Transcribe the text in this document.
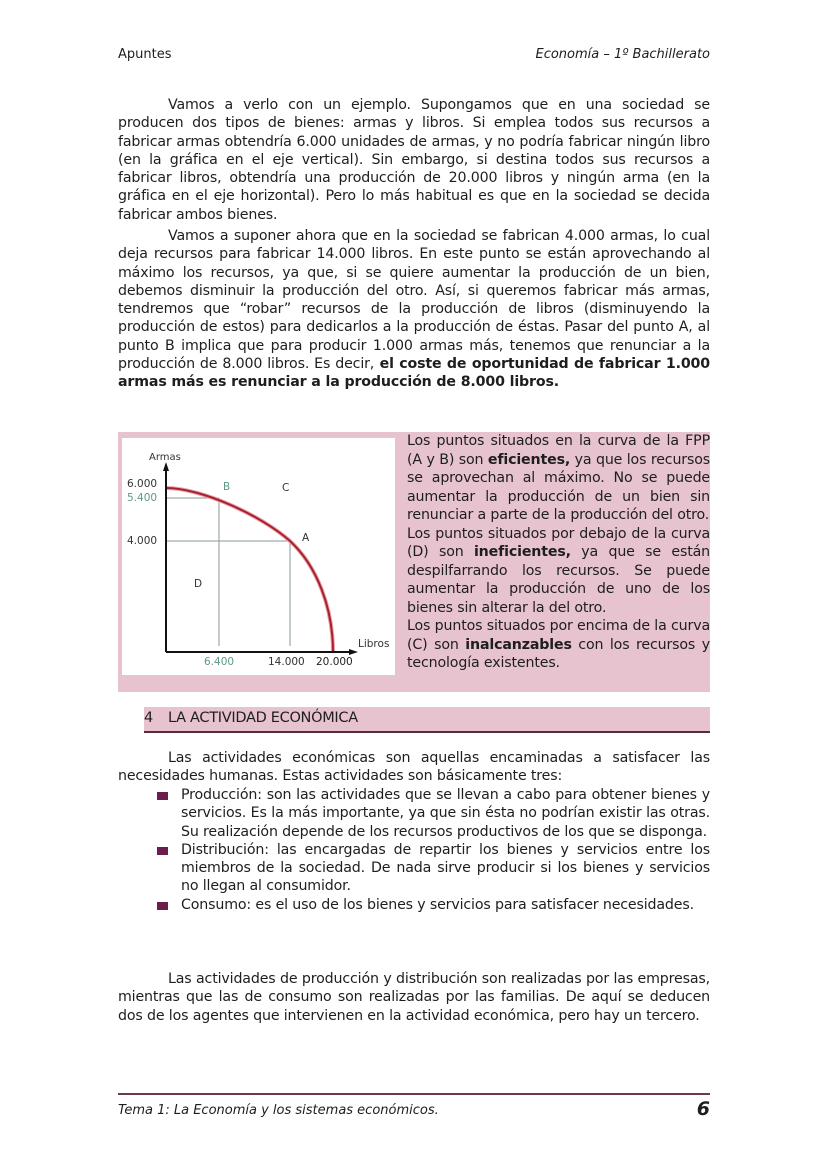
Apuntes	Economía – 1º Bachillerato

Vamos a verlo con un ejemplo. Supongamos que en una sociedad se producen dos tipos de bienes: armas y libros. Si emplea todos sus recursos a fabricar armas obtendría 6.000 unidades de armas, y no podría fabricar ningún libro (en la gráfica en el eje vertical). Sin embargo, si destina todos sus recursos a fabricar libros, obtendría una producción de 20.000 libros y ningún arma (en la gráfica en el eje horizontal). Pero lo más habitual es que en la sociedad se decida fabricar ambos bienes.

Vamos a suponer ahora que en la sociedad se fabrican 4.000 armas, lo cual deja recursos para fabricar 14.000 libros. En este punto se están aprovechando al máximo los recursos, ya que, si se quiere aumentar la producción de un bien, debemos disminuir la producción del otro. Así, si queremos fabricar más armas, tendremos que “robar” recursos de la producción de libros (disminuyendo la producción de estos) para dedicarlos a la producción de éstas. Pasar del punto A, al punto B implica que para producir 1.000 armas más, tenemos que renunciar a la producción de 8.000 libros. Es decir, el coste de oportunidad de fabricar 1.000 armas más es renunciar a la producción de 8.000 libros.

Armas
Libros
6.000
5.400
4.000
6.400	14.000 20.000
B	C
A
D

Los puntos situados en la curva de la FPP (A y B) son eficientes, ya que los recursos se aprovechan al máximo. No se puede aumentar la producción de un bien sin renunciar a parte de la producción del otro.

Los puntos situados por debajo de la curva (D) son ineficientes, ya que se están despilfarrando los recursos. Se puede aumentar la producción de uno de los bienes sin alterar la del otro.

Los puntos situados por encima de la curva (C) son inalcanzables con los recursos y tecnología existentes.

4 LA ACTIVIDAD ECONÓMICA

Las actividades económicas son aquellas encaminadas a satisfacer las necesidades humanas. Estas actividades son básicamente tres:

Producción: son las actividades que se llevan a cabo para obtener bienes y servicios. Es la más importante, ya que sin ésta no podrían existir las otras. Su realización depende de los recursos productivos de los que se disponga.
Distribución: las encargadas de repartir los bienes y servicios entre los miembros de la sociedad. De nada sirve producir si los bienes y servicios no llegan al consumidor.
Consumo: es el uso de los bienes y servicios para satisfacer necesidades.

Las actividades de producción y distribución son realizadas por las empresas, mientras que las de consumo son realizadas por las familias. De aquí se deducen dos de los agentes que intervienen en la actividad económica, pero hay un tercero.

Tema 1: La Economía y los sistemas económicos.	6
